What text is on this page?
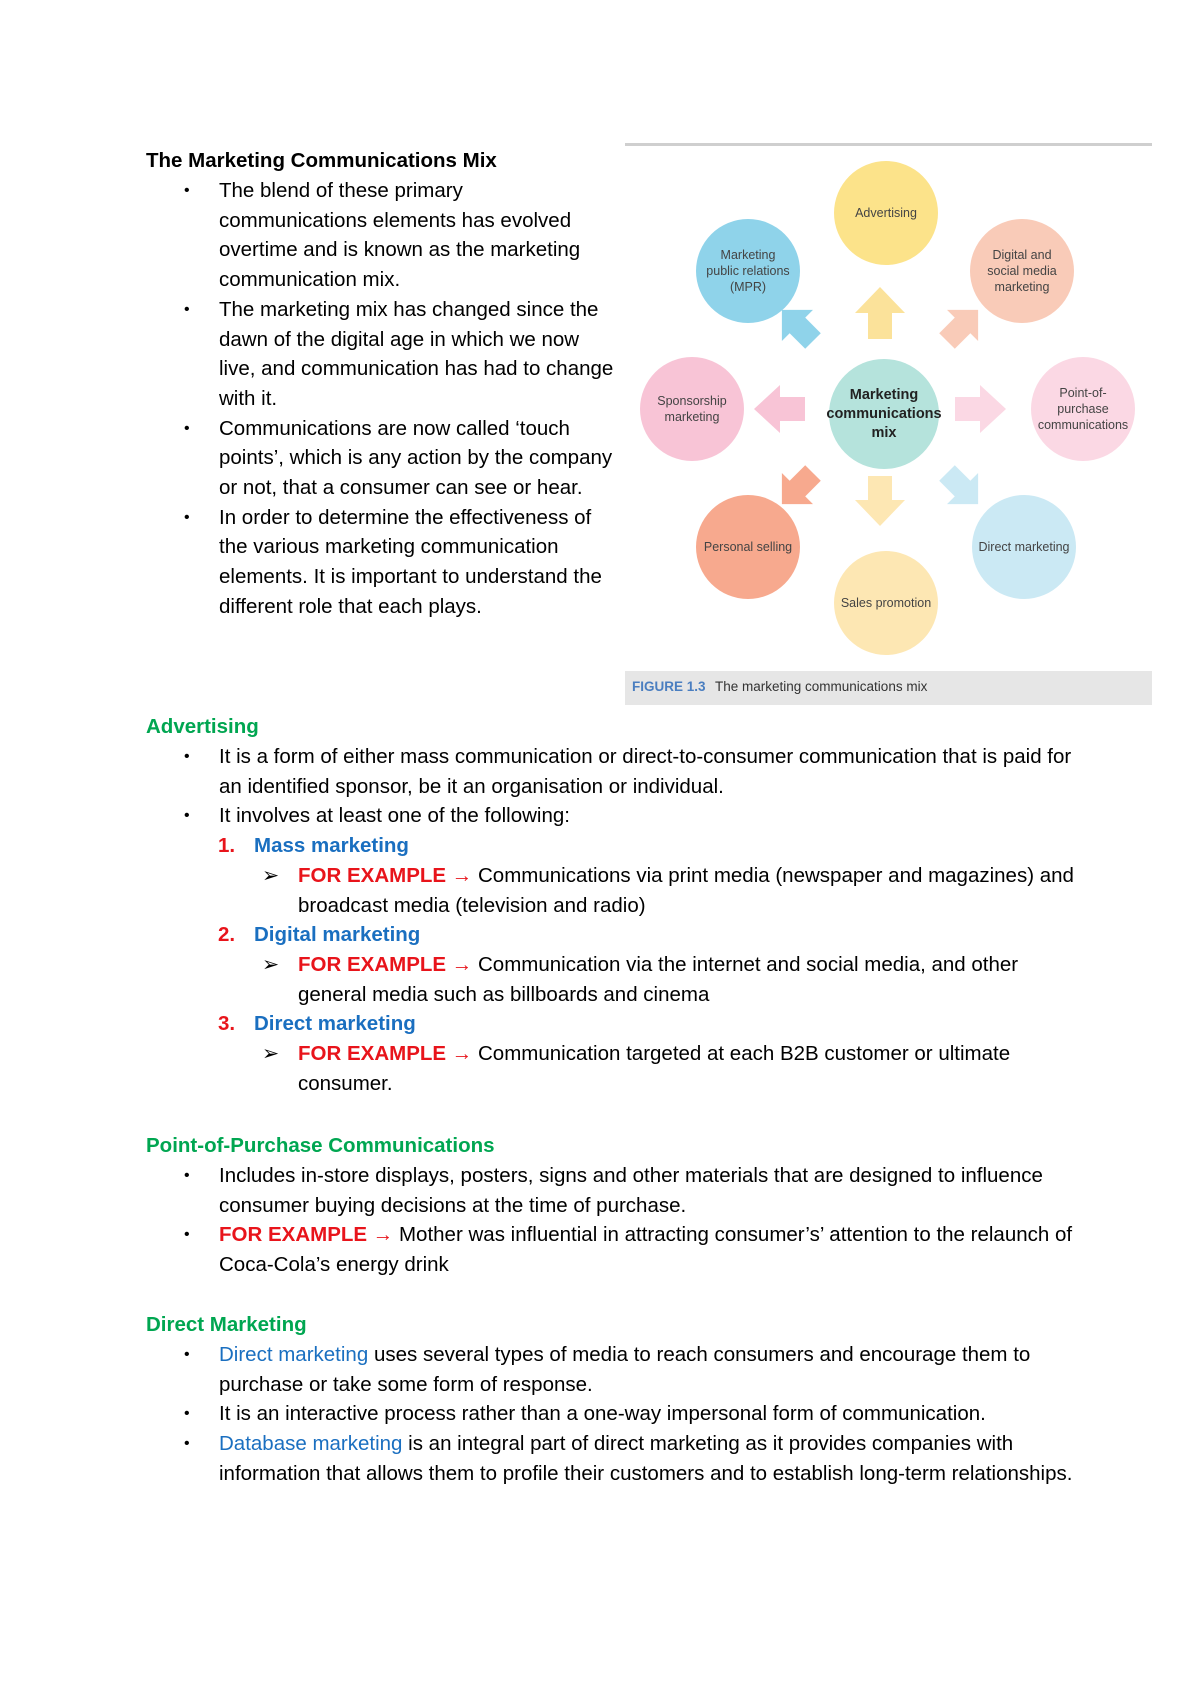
The Marketing Communications Mix
• The blend of these primary communications elements has evolved overtime and is known as the marketing communication mix.
• The marketing mix has changed since the dawn of the digital age in which we now live, and communication has had to change with it.
• Communications are now called ‘touch points’, which is any action by the company or not, that a consumer can see or hear.
• In order to determine the effectiveness of the various marketing communication elements. It is important to understand the different role that each plays.
Marketing communications mix
Advertising
Digital and social media marketing
Point-of-purchase communications
Direct marketing
Sales promotion
Personal selling
Sponsorship marketing
Marketing public relations (MPR)
FIGURE 1.3 The marketing communications mix
Advertising
• It is a form of either mass communication or direct-to-consumer communication that is paid for an identified sponsor, be it an organisation or individual.
• It involves at least one of the following:
1. Mass marketing
➢ FOR EXAMPLE → Communications via print media (newspaper and magazines) and broadcast media (television and radio)
2. Digital marketing
➢ FOR EXAMPLE → Communication via the internet and social media, and other general media such as billboards and cinema
3. Direct marketing
➢ FOR EXAMPLE → Communication targeted at each B2B customer or ultimate consumer.
Point-of-Purchase Communications
• Includes in-store displays, posters, signs and other materials that are designed to influence consumer buying decisions at the time of purchase.
• FOR EXAMPLE → Mother was influential in attracting consumer’s’ attention to the relaunch of Coca-Cola’s energy drink
Direct Marketing
• Direct marketing uses several types of media to reach consumers and encourage them to purchase or take some form of response.
• It is an interactive process rather than a one-way impersonal form of communication.
• Database marketing is an integral part of direct marketing as it provides companies with information that allows them to profile their customers and to establish long-term relationships.
